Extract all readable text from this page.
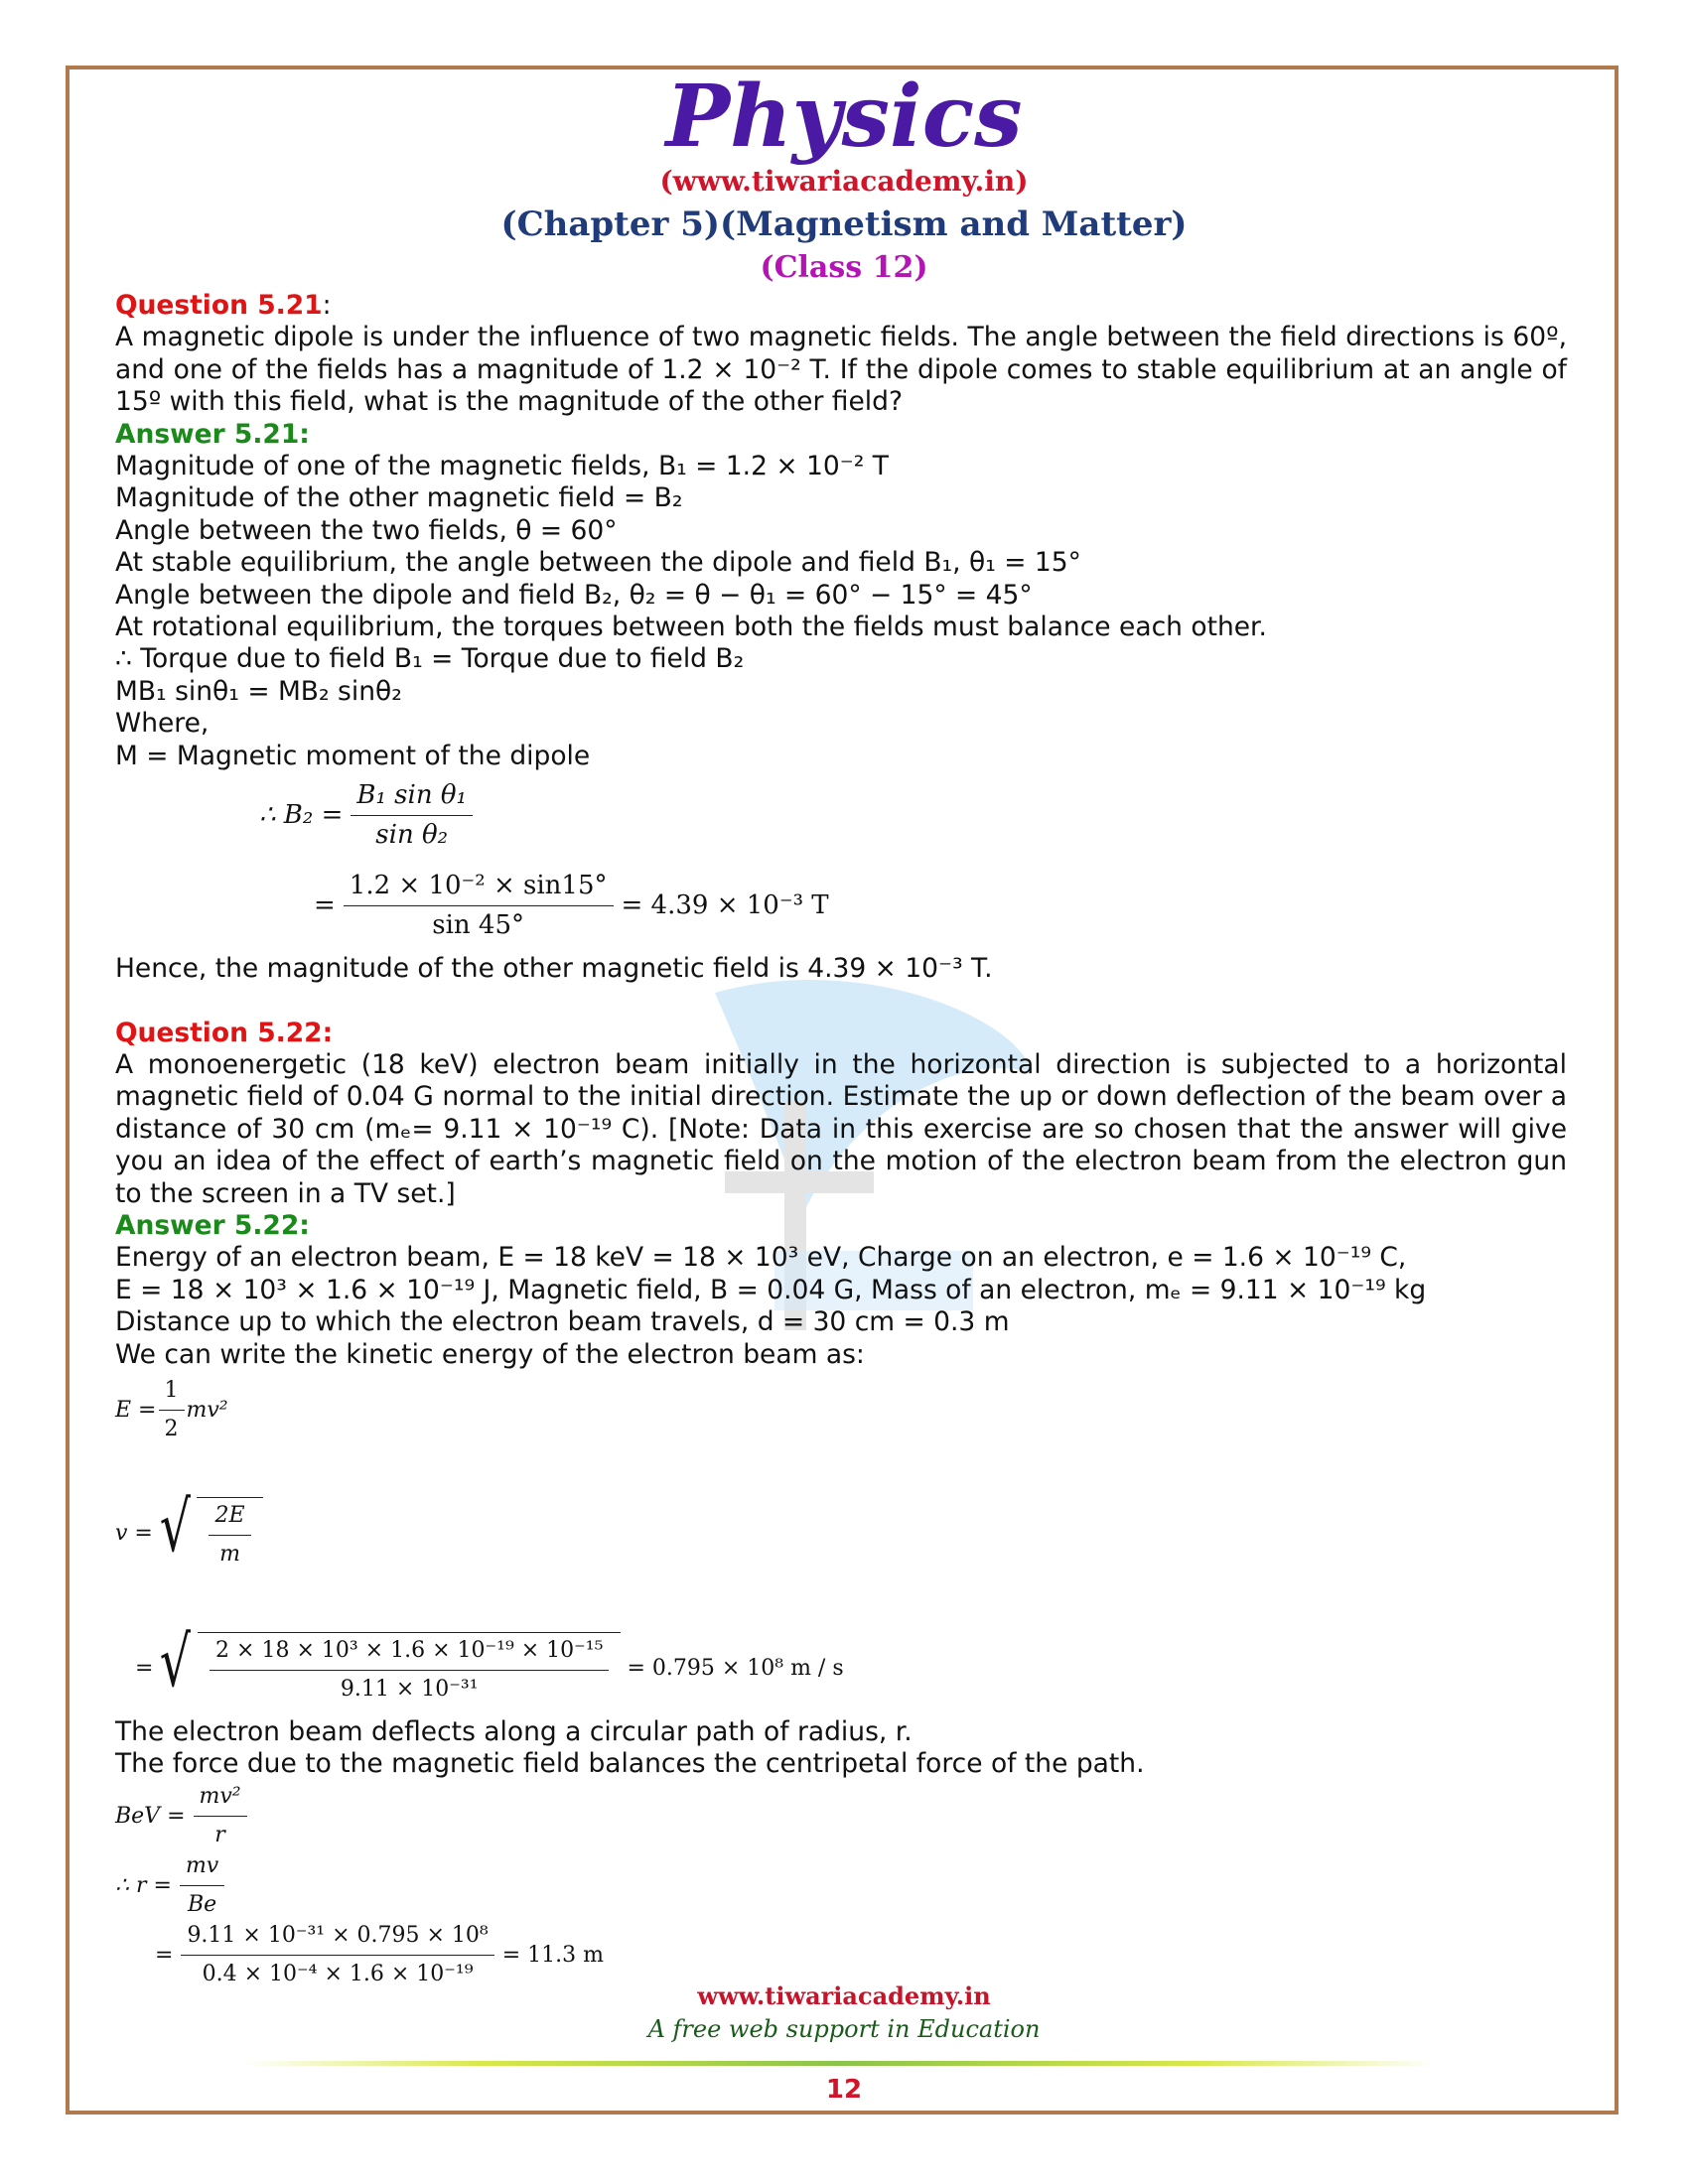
Physics
(www.tiwariacademy.in)
(Chapter 5)(Magnetism and Matter)
(Class 12)

Question 5.21:

A magnetic dipole is under the influence of two magnetic fields. The angle between the field directions is 60º, and one of the fields has a magnitude of 1.2 × 10⁻² T. If the dipole comes to stable equilibrium at an angle of 15º with this field, what is the magnitude of the other field?

Answer 5.21:

Magnitude of one of the magnetic fields, B₁ = 1.2 × 10⁻² T

Magnitude of the other magnetic field = B₂

Angle between the two fields, θ = 60°

At stable equilibrium, the angle between the dipole and field B₁, θ₁ = 15°

Angle between the dipole and field B₂, θ₂ = θ − θ₁ = 60° − 15° = 45°

At rotational equilibrium, the torques between both the fields must balance each other.

∴ Torque due to field B₁ = Torque due to field B₂

MB₁ sinθ₁ = MB₂ sinθ₂

Where,

M = Magnetic moment of the dipole

∴ $B_2 = \frac{\text{B₁ sin θ₁}}{\text{sin θ₂}}$
= $\frac{\text{1.2 × 10⁻² × sin15°}}{\sin 45^\circ} = 4.39 \times 10^{-3}$ T

Hence, the magnitude of the other magnetic field is 4.39 × 10⁻³ T.

Question 5.22:

A monoenergetic (18 keV) electron beam initially in the horizontal direction is subjected to a horizontal magnetic field of 0.04 G normal to the initial direction. Estimate the up or down deflection of the beam over a distance of 30 cm (mₑ= 9.11 × 10⁻¹⁹ C). [Note: Data in this exercise are so chosen that the answer will give you an idea of the effect of earth’s magnetic field on the motion of the electron beam from the electron gun to the screen in a TV set.]

Answer 5.22:

Energy of an electron beam, E = 18 keV = 18 × 10³ eV, Charge on an electron, e = 1.6 × 10⁻¹⁹ C,

E = 18 × 10³ × 1.6 × 10⁻¹⁹ J, Magnetic field, B = 0.04 G, Mass of an electron, mₑ = 9.11 × 10⁻¹⁹ kg

Distance up to which the electron beam travels, d = 30 cm = 0.3 m

We can write the kinetic energy of the electron beam as:

$E = \frac{1}{2} mv^2$
v = √ $\frac{2E}{m}$
= √ $\frac{\text{2 × 18 × 10³ × 1.6 × 10⁻¹⁹ × 10⁻¹⁵}}{\text{9.11 × 10⁻³¹}} = 0.795 \times 10^8$ m / s

The electron beam deflects along a circular path of radius, r.

The force due to the magnetic field balances the centripetal force of the path.

BeV = $\frac{\text{mv²}}{r}$
∴ $r = \frac{mv}{Be}$
= $\frac{\text{9.11 × 10⁻³¹ × 0.795 × 10⁸}}{\text{0.4 × 10⁻⁴ × 1.6 × 10⁻¹⁹}} = 11.3$ m
www.tiwariacademy.in
A free web support in Education
12
